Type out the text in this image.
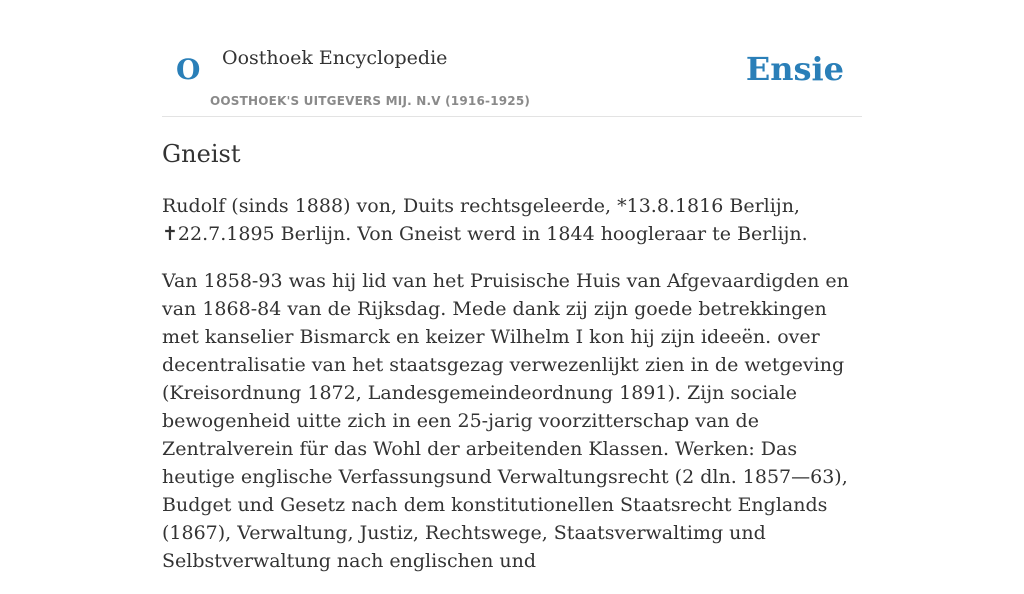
O Oosthoek Encyclopedie
OOSTHOEK'S UITGEVERS MIJ. N.V (1916-1925)
Ensie
Gneist

Rudolf (sinds 1888) von, Duits rechtsgeleerde, *13.8.1816 Berlijn, ✝22.7.1895 Berlijn. Von Gneist werd in 1844 hoogleraar te Berlijn.

Van 1858-93 was hij lid van het Pruisische Huis van Afgevaardigden en van 1868-84 van de Rijksdag. Mede dank zij zijn goede betrekkingen met kanselier Bismarck en keizer Wilhelm I kon hij zijn ideeën. over decentralisatie van het staatsgezag verwezenlijkt zien in de wetgeving (Kreisordnung 1872, Landesgemeindeordnung 1891). Zijn sociale bewogenheid uitte zich in een 25-jarig voorzitterschap van de Zentralverein für das Wohl der arbeitenden Klassen. Werken: Das heutige englische Verfassungsund Verwaltungsrecht (2 dln. 1857—63), Budget und Gesetz nach dem konstitutionellen Staatsrecht Englands (1867), Verwaltung, Justiz, Rechtswege, Staatsverwaltimg und Selbstverwaltung nach englischen und
